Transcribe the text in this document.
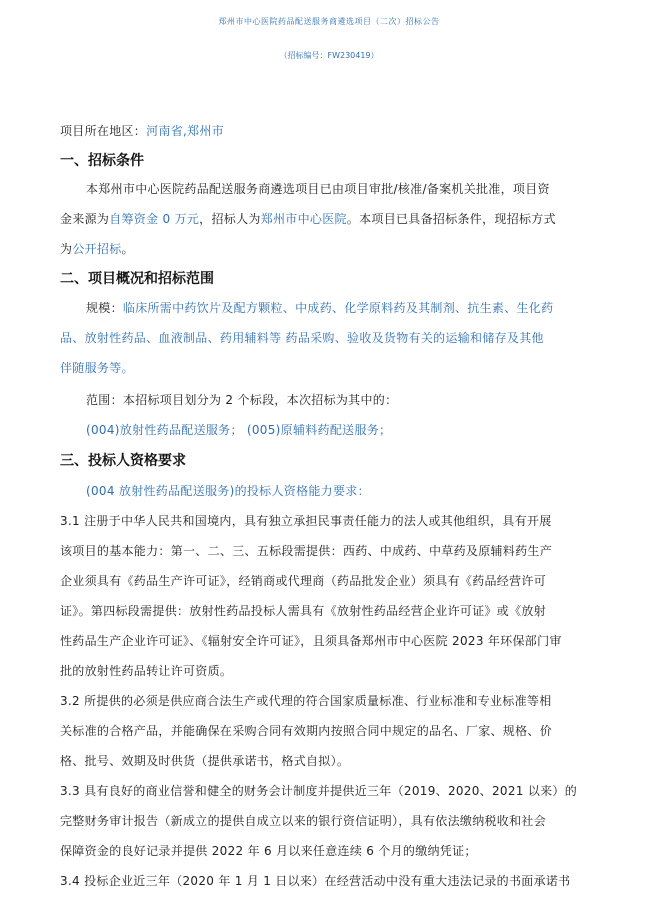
郑州市中心医院药品配送服务商遴选项目（二次）招标公告
（招标编号：FW230419）
项目所在地区：河南省,郑州市
一、招标条件
本郑州市中心医院药品配送服务商遴选项目已由项目审批/核准/备案机关批准，项目资
金来源为自筹资金 0 万元，招标人为郑州市中心医院。本项目已具备招标条件，现招标方式
为公开招标。
二、项目概况和招标范围
规模：临床所需中药饮片及配方颗粒、中成药、化学原料药及其制剂、抗生素、生化药
品、放射性药品、血液制品、药用辅料等 药品采购、验收及货物有关的运输和储存及其他
伴随服务等。
范围：本招标项目划分为 2 个标段，本次招标为其中的：
(004)放射性药品配送服务； (005)原辅料药配送服务；
三、投标人资格要求
(004 放射性药品配送服务)的投标人资格能力要求：
3.1 注册于中华人民共和国境内，具有独立承担民事责任能力的法人或其他组织，具有开展
该项目的基本能力：第一、二、三、五标段需提供：西药、中成药、中草药及原辅料药生产
企业须具有《药品生产许可证》，经销商或代理商（药品批发企业）须具有《药品经营许可
证》。第四标段需提供：放射性药品投标人需具有《放射性药品经营企业许可证》或《放射
性药品生产企业许可证》、《辐射安全许可证》，且须具备郑州市中心医院 2023 年环保部门审
批的放射性药品转让许可资质。
3.2 所提供的必须是供应商合法生产或代理的符合国家质量标准、行业标准和专业标准等相
关标准的合格产品，并能确保在采购合同有效期内按照合同中规定的品名、厂家、规格、价
格、批号、效期及时供货（提供承诺书，格式自拟）。
3.3 具有良好的商业信誉和健全的财务会计制度并提供近三年（2019、2020、2021 以来）的
完整财务审计报告（新成立的提供自成立以来的银行资信证明），具有依法缴纳税收和社会
保障资金的良好记录并提供 2022 年 6 月以来任意连续 6 个月的缴纳凭证；
3.4 投标企业近三年（2020 年 1 月 1 日以来）在经营活动中没有重大违法记录的书面承诺书
